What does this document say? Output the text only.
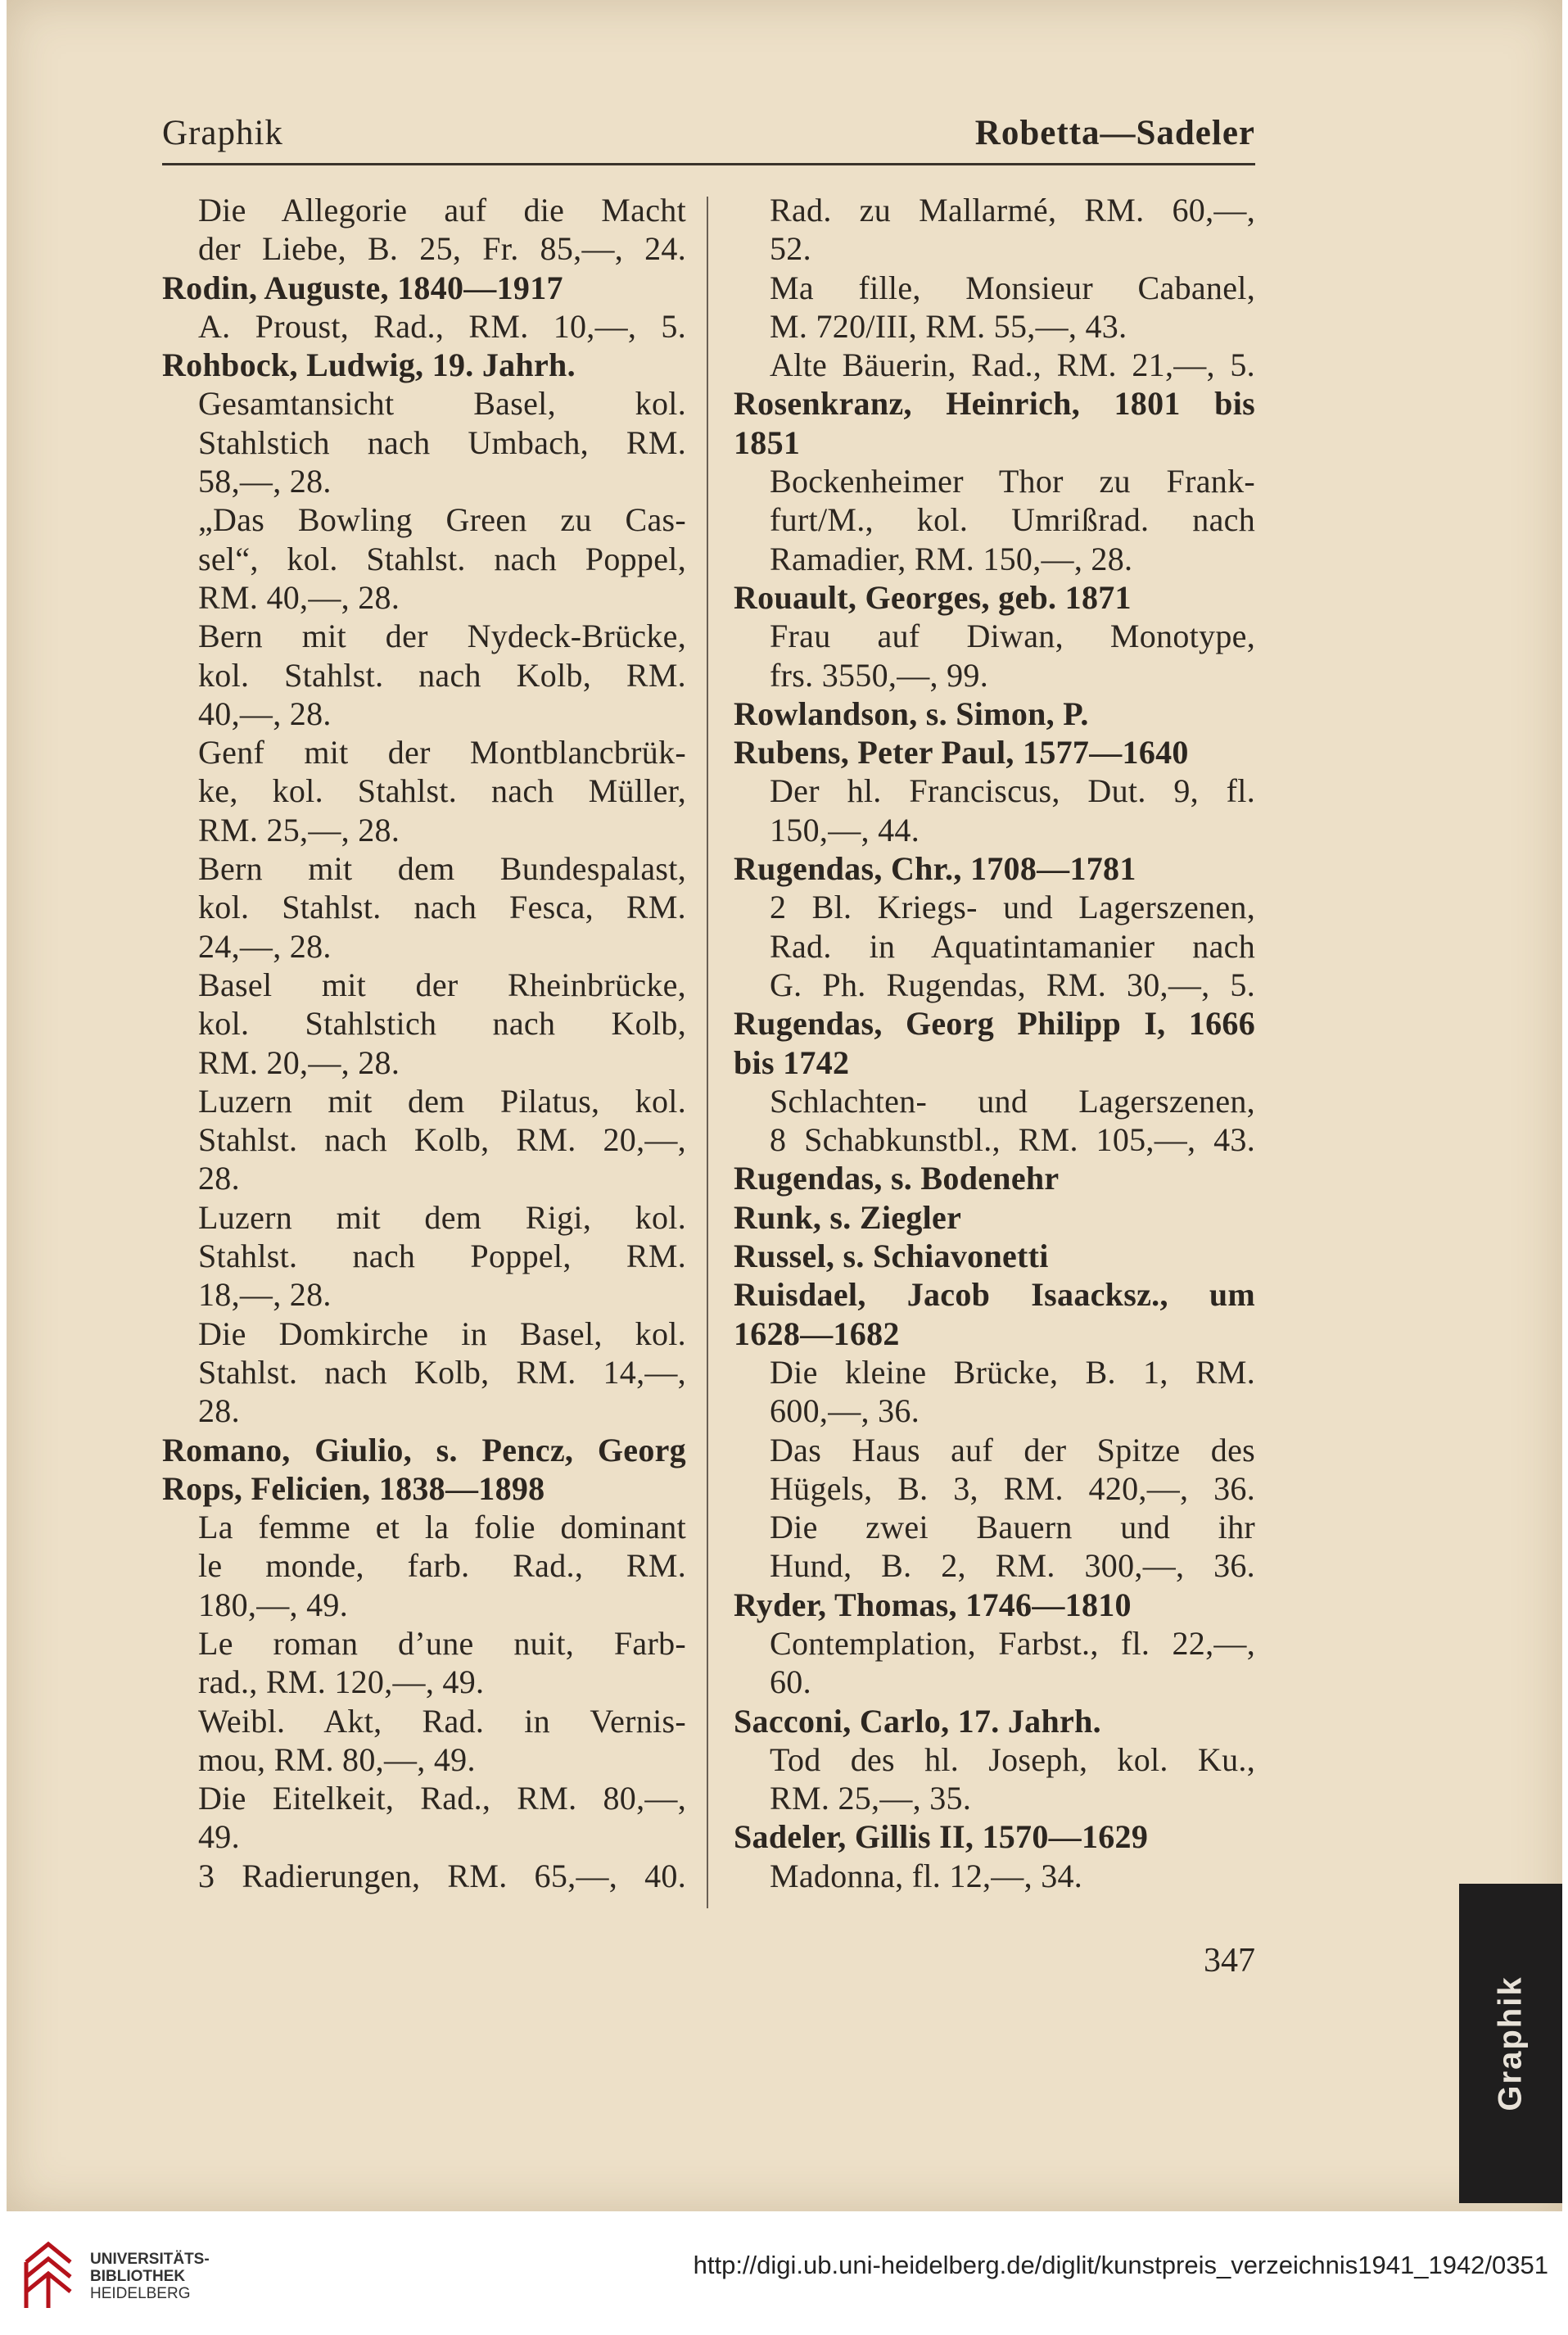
Graphik	Robetta—Sadeler
Die Allegorie auf die Macht
der Liebe, B. 25, Fr. 85,—, 24.
Rodin, Auguste, 1840—1917
A. Proust, Rad., RM. 10,—, 5.
Rohbock, Ludwig, 19. Jahrh.
Gesamtansicht Basel, kol.
Stahlstich nach Umbach, RM.
58,—, 28.
„Das Bowling Green zu Cas-
sel“, kol. Stahlst. nach Poppel,
RM. 40,—, 28.
Bern mit der Nydeck-Brücke,
kol. Stahlst. nach Kolb, RM.
40,—, 28.
Genf mit der Montblancbrük-
ke, kol. Stahlst. nach Müller,
RM. 25,—, 28.
Bern mit dem Bundespalast,
kol. Stahlst. nach Fesca, RM.
24,—, 28.
Basel mit der Rheinbrücke,
kol. Stahlstich nach Kolb,
RM. 20,—, 28.
Luzern mit dem Pilatus, kol.
Stahlst. nach Kolb, RM. 20,—,
28.
Luzern mit dem Rigi, kol.
Stahlst. nach Poppel, RM.
18,—, 28.
Die Domkirche in Basel, kol.
Stahlst. nach Kolb, RM. 14,—,
28.
Romano, Giulio, s. Pencz, Georg
Rops, Felicien, 1838—1898
La femme et la folie dominant
le monde, farb. Rad., RM.
180,—, 49.
Le roman d’une nuit, Farb-
rad., RM. 120,—, 49.
Weibl. Akt, Rad. in Vernis-
mou, RM. 80,—, 49.
Die Eitelkeit, Rad., RM. 80,—,
49.
3 Radierungen, RM. 65,—, 40.
Rad. zu Mallarmé, RM. 60,—,
52.
Ma fille, Monsieur Cabanel,
M. 720/III, RM. 55,—, 43.
Alte Bäuerin, Rad., RM. 21,—, 5.
Rosenkranz, Heinrich, 1801 bis
1851
Bockenheimer Thor zu Frank-
furt/M., kol. Umrißrad. nach
Ramadier, RM. 150,—, 28.
Rouault, Georges, geb. 1871
Frau auf Diwan, Monotype,
frs. 3550,—, 99.
Rowlandson, s. Simon, P.
Rubens, Peter Paul, 1577—1640
Der hl. Franciscus, Dut. 9, fl.
150,—, 44.
Rugendas, Chr., 1708—1781
2 Bl. Kriegs- und Lagerszenen,
Rad. in Aquatintamanier nach
G. Ph. Rugendas, RM. 30,—, 5.
Rugendas, Georg Philipp I, 1666
bis 1742
Schlachten- und Lagerszenen,
8 Schabkunstbl., RM. 105,—, 43.
Rugendas, s. Bodenehr
Runk, s. Ziegler
Russel, s. Schiavonetti
Ruisdael, Jacob Isaacksz., um
1628—1682
Die kleine Brücke, B. 1, RM.
600,—, 36.
Das Haus auf der Spitze des
Hügels, B. 3, RM. 420,—, 36.
Die zwei Bauern und ihr
Hund, B. 2, RM. 300,—, 36.
Ryder, Thomas, 1746—1810
Contemplation, Farbst., fl. 22,—,
60.
Sacconi, Carlo, 17. Jahrh.
Tod des hl. Joseph, kol. Ku.,
RM. 25,—, 35.
Sadeler, Gillis II, 1570—1629
Madonna, fl. 12,—, 34.
347
Graphik
UNIVERSITÄTS-
BIBLIOTHEK
HEIDELBERG
http://digi.ub.uni-heidelberg.de/diglit/kunstpreis_verzeichnis1941_1942/0351
